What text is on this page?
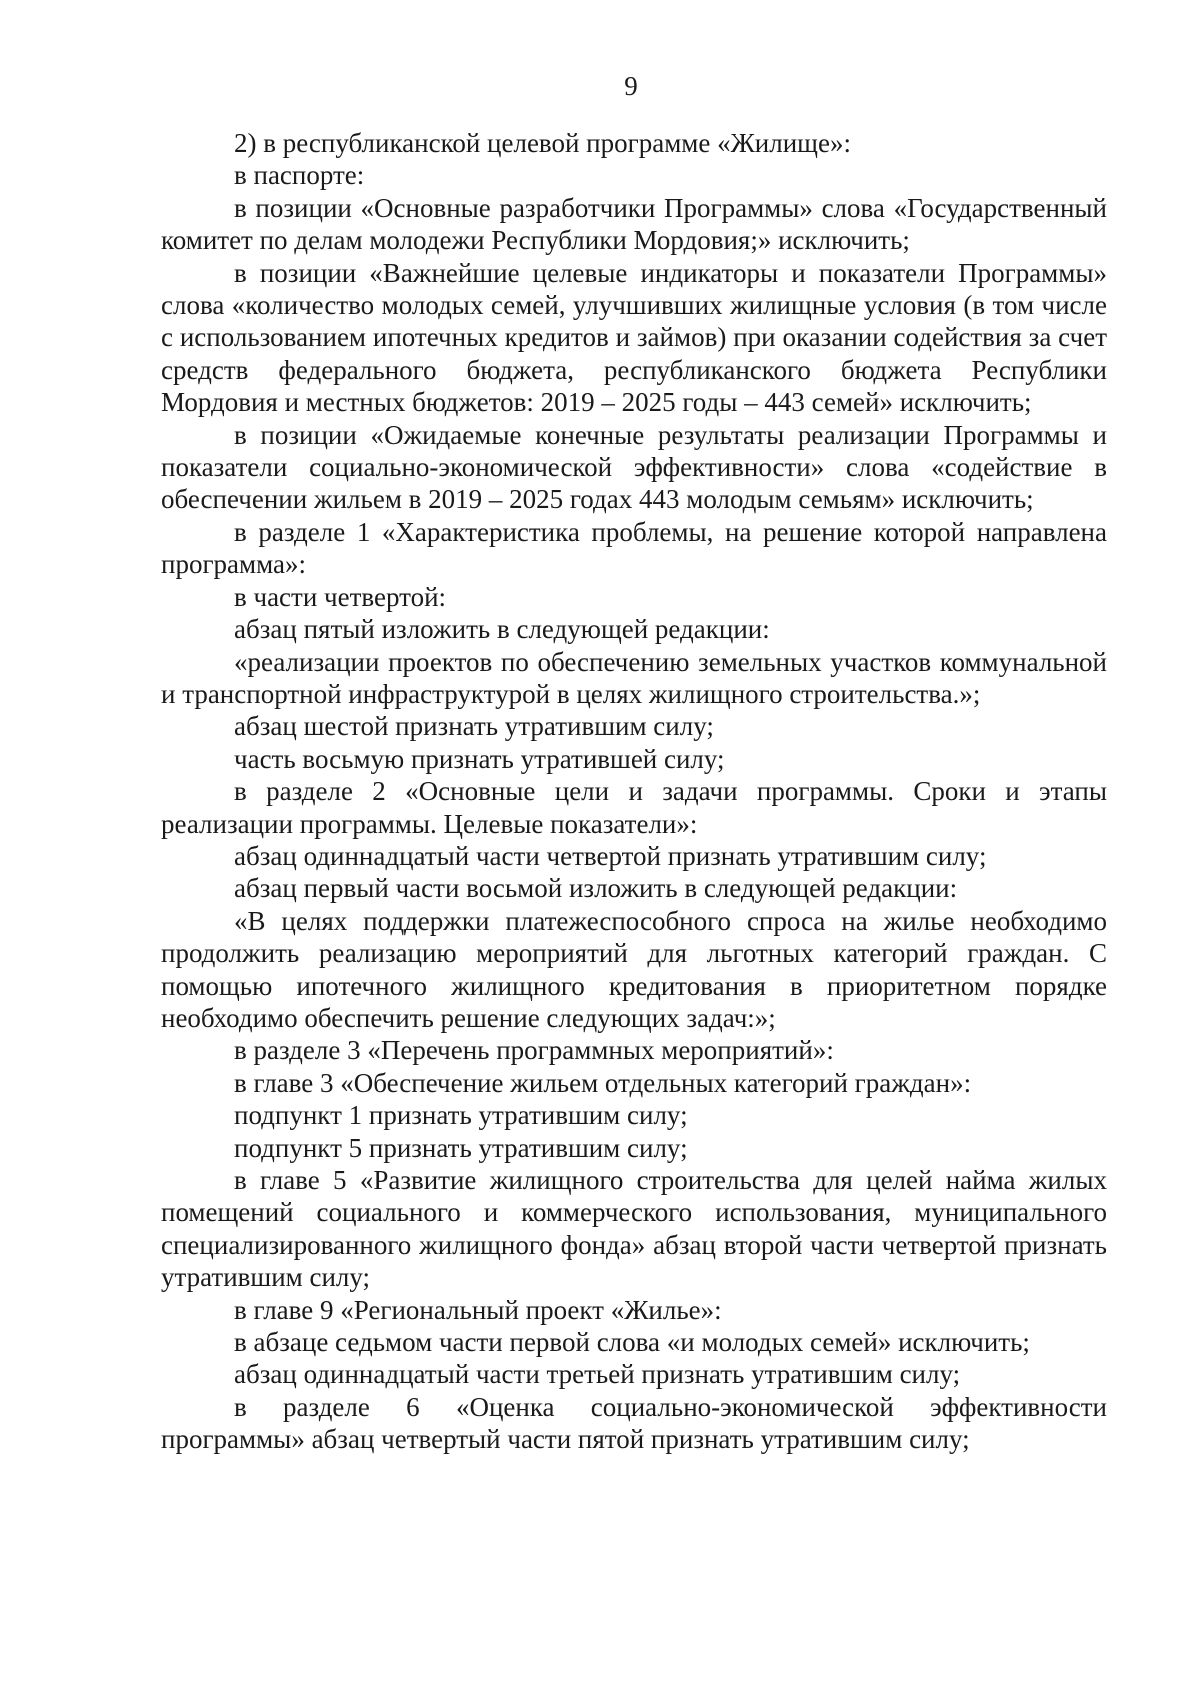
9

2) в республиканской целевой программе «Жилище»:

в паспорте:

в позиции «Основные разработчики Программы» слова «Государственный комитет по делам молодежи Республики Мордовия;» исключить;

в позиции «Важнейшие целевые индикаторы и показатели Программы» слова «количество молодых семей, улучшивших жилищные условия (в том числе с использованием ипотечных кредитов и займов) при оказании содействия за счет средств федерального бюджета, республиканского бюджета Республики Мордовия и местных бюджетов: 2019 – 2025 годы – 443 семей» исключить;

в позиции «Ожидаемые конечные результаты реализации Программы и показатели социально-экономической эффективности» слова «содействие в обеспечении жильем в 2019 – 2025 годах 443 молодым семьям» исключить;

в разделе 1 «Характеристика проблемы, на решение которой направлена программа»:

в части четвертой:

абзац пятый изложить в следующей редакции:

«реализации проектов по обеспечению земельных участков коммунальной и транспортной инфраструктурой в целях жилищного строительства.»;

абзац шестой признать утратившим силу;

часть восьмую признать утратившей силу;

в разделе 2 «Основные цели и задачи программы. Сроки и этапы реализации программы. Целевые показатели»:

абзац одиннадцатый части четвертой признать утратившим силу;

абзац первый части восьмой изложить в следующей редакции:

«В целях поддержки платежеспособного спроса на жилье необходимо продолжить реализацию мероприятий для льготных категорий граждан. С помощью ипотечного жилищного кредитования в приоритетном порядке необходимо обеспечить решение следующих задач:»;

в разделе 3 «Перечень программных мероприятий»:

в главе 3 «Обеспечение жильем отдельных категорий граждан»:

подпункт 1 признать утратившим силу;

подпункт 5 признать утратившим силу;

в главе 5 «Развитие жилищного строительства для целей найма жилых помещений социального и коммерческого использования, муниципального специализированного жилищного фонда» абзац второй части четвертой признать утратившим силу;

в главе 9 «Региональный проект «Жилье»:

в абзаце седьмом части первой слова «и молодых семей» исключить;

абзац одиннадцатый части третьей признать утратившим силу;

в разделе 6 «Оценка социально-экономической эффективности программы» абзац четвертый части пятой признать утратившим силу;
